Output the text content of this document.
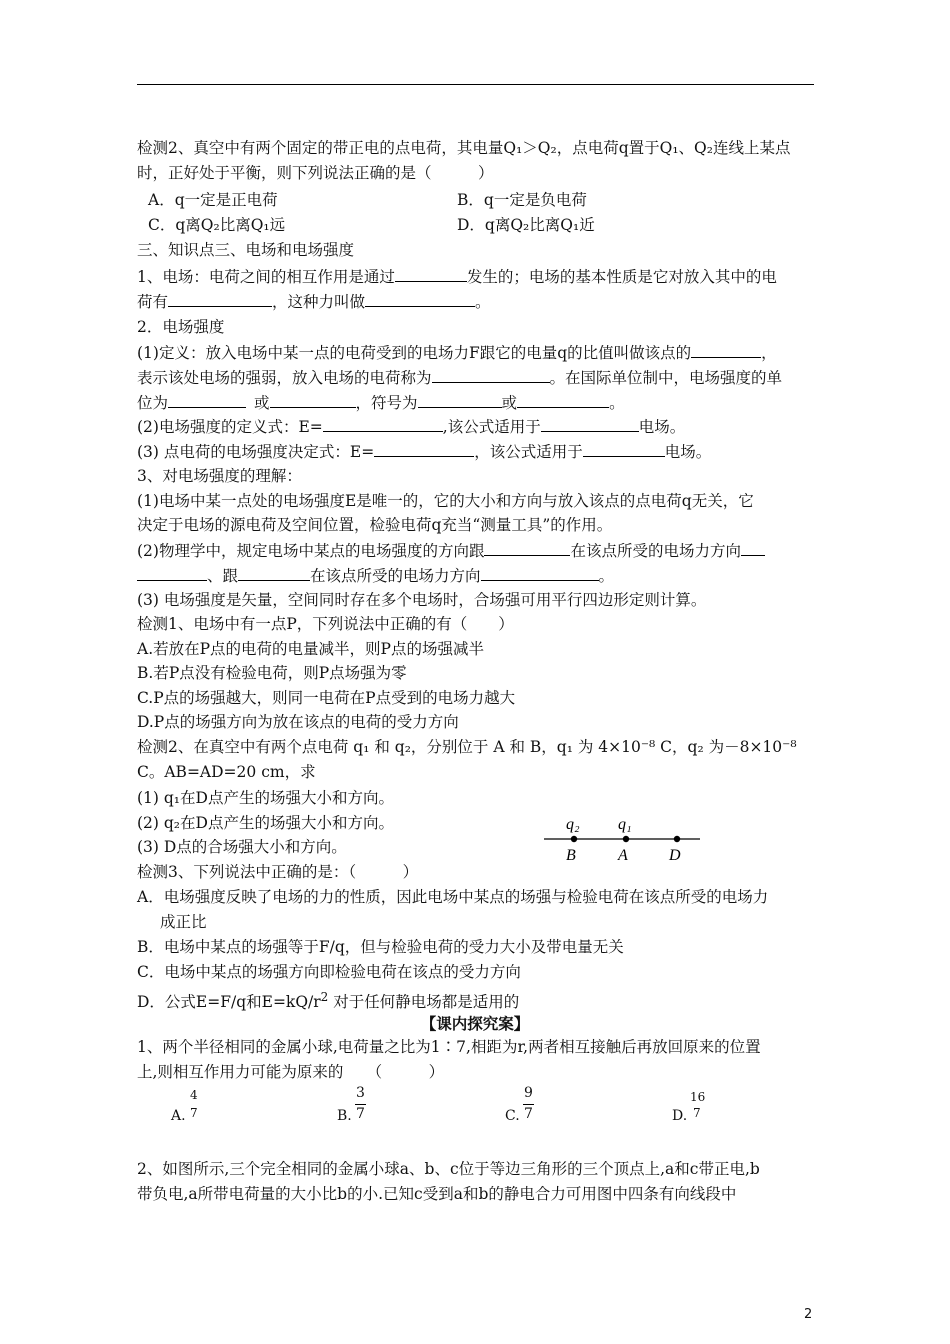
检测2、真空中有两个固定的带正电的点电荷，其电量Q₁＞Q₂，点电荷q置于Q₁、Q₂连线上某点
时，正好处于平衡，则下列说法正确的是（　　　）
A．q一定是正电荷	B．q一定是负电荷
C．q离Q₂比离Q₁远	D．q离Q₂比离Q₁近
三、知识点三、电场和电场强度
1、电场：电荷之间的相互作用是通过	发生的；电场的基本性质是它对放入其中的电
荷有	，这种力叫做	。
2．电场强度
(1)定义：放入电场中某一点的电荷受到的电场力F跟它的电量q的比值叫做该点的	，
表示该处电场的强弱，放入电场的电荷称为	。在国际单位制中，电场强度的单
位为	或	，符号为	或	。
(2)电场强度的定义式：E=	,该公式适用于	电场。
(3) 点电荷的电场强度决定式：E=	，该公式适用于	电场。
3、对电场强度的理解：
(1)电场中某一点处的电场强度E是唯一的，它的大小和方向与放入该点的点电荷q无关，它
决定于电场的源电荷及空间位置，检验电荷q充当“测量工具”的作用。
(2)物理学中，规定电场中某点的电场强度的方向跟	在该点所受的电场力方向
、跟	在该点所受的电场力方向	。
(3) 电场强度是矢量，空间同时存在多个电场时，合场强可用平行四边形定则计算。
检测1、电场中有一点P，下列说法中正确的有（　　）
A.若放在P点的电荷的电量减半，则P点的场强减半
B.若P点没有检验电荷，则P点场强为零
C.P点的场强越大，则同一电荷在P点受到的电场力越大
D.P点的场强方向为放在该点的电荷的受力方向
检测2、在真空中有两个点电荷 q₁ 和 q₂，分别位于 A 和 B，q₁ 为 4×10⁻⁸ C，q₂ 为－8×10⁻⁸
C。AB=AD=20 cm，求
(1) q₁在D点产生的场强大小和方向。
(2) q₂在D点产生的场强大小和方向。
(3) D点的合场强大小和方向。
q₂ q₁
B	A	D
检测3、下列说法中正确的是：（　　　）
A．电场强度反映了电场的力的性质，因此电场中某点的场强与检验电荷在该点所受的电场力
成正比
B．电场中某点的场强等于F/q，但与检验电荷的受力大小及带电量无关
C．电场中某点的场强方向即检验电荷在该点的受力方向
D．公式E=F/q和$E=kQ/r^2$ 对于任何静电场都是适用的
【课内探究案】
1、两个半径相同的金属小球,电荷量之比为1∶7,相距为r,两者相互接触后再放回原来的位置
上,则相互作用力可能为原来的　　（　　　）
A.
4
7	B.
3
7	C.
9
7	D.
16
7
2、如图所示,三个完全相同的金属小球a、b、c位于等边三角形的三个顶点上,a和c带正电,b
带负电,a所带电荷量的大小比b的小.已知c受到a和b的静电合力可用图中四条有向线段中
2
